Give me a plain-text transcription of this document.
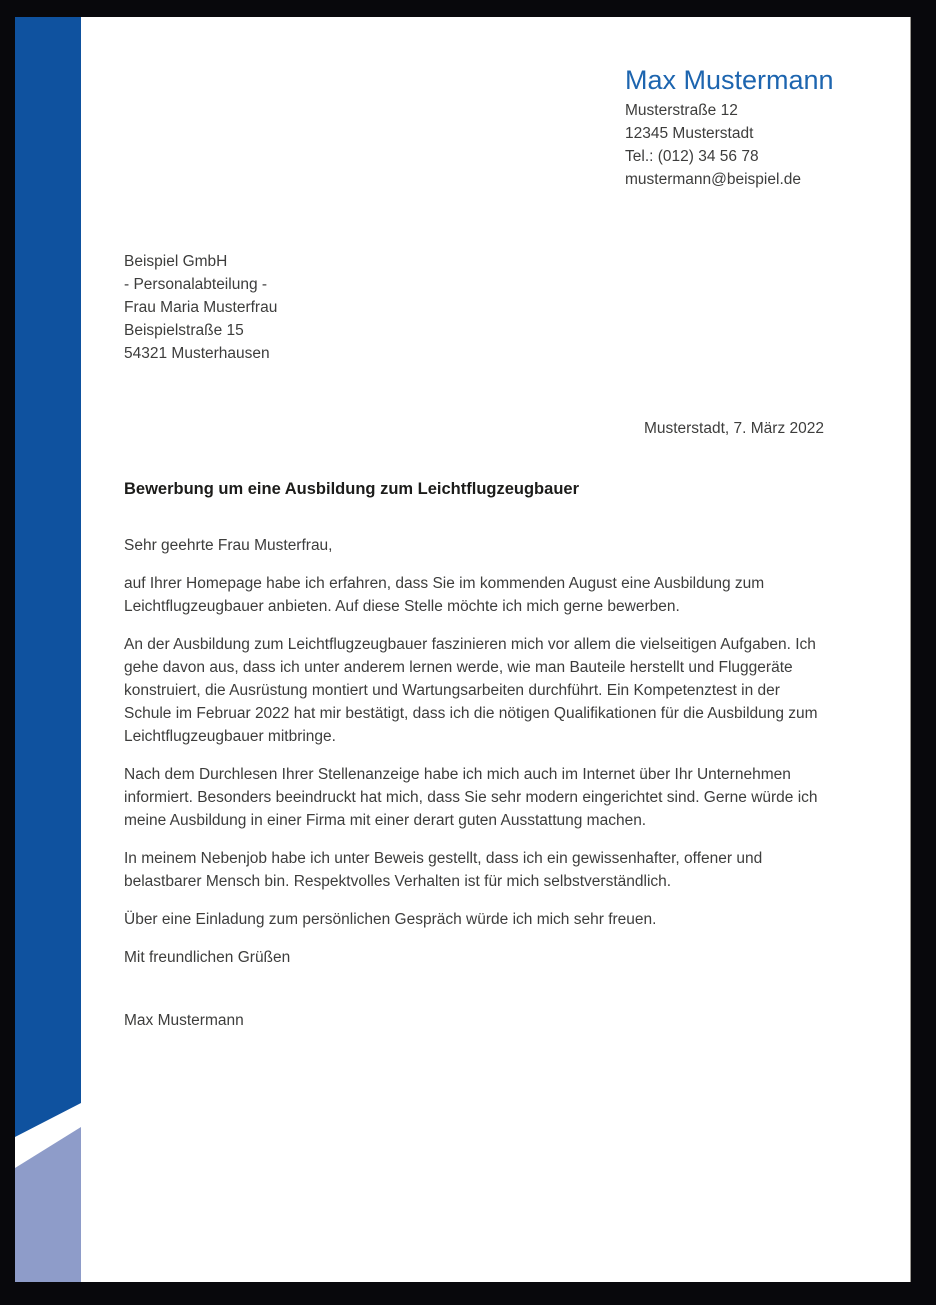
Max Mustermann
Musterstraße 12
12345 Musterstadt
Tel.: (012) 34 56 78
mustermann@beispiel.de
Beispiel GmbH
- Personalabteilung -
Frau Maria Musterfrau
Beispielstraße 15
54321 Musterhausen
Musterstadt, 7. März 2022
Bewerbung um eine Ausbildung zum Leichtflugzeugbauer

Sehr geehrte Frau Musterfrau,

auf Ihrer Homepage habe ich erfahren, dass Sie im kommenden August eine Ausbildung zum Leichtflugzeugbauer anbieten. Auf diese Stelle möchte ich mich gerne bewerben.

An der Ausbildung zum Leichtflugzeugbauer faszinieren mich vor allem die vielseitigen Aufgaben. Ich gehe davon aus, dass ich unter anderem lernen werde, wie man Bauteile herstellt und Fluggeräte konstruiert, die Ausrüstung montiert und Wartungsarbeiten durchführt. Ein Kompetenztest in der Schule im Februar 2022 hat mir bestätigt, dass ich die nötigen Qualifikationen für die Ausbildung zum Leichtflugzeugbauer mitbringe.

Nach dem Durchlesen Ihrer Stellenanzeige habe ich mich auch im Internet über Ihr Unternehmen informiert. Besonders beeindruckt hat mich, dass Sie sehr modern eingerichtet sind. Gerne würde ich meine Ausbildung in einer Firma mit einer derart guten Ausstattung machen.

In meinem Nebenjob habe ich unter Beweis gestellt, dass ich ein gewissenhafter, offener und belastbarer Mensch bin. Respektvolles Verhalten ist für mich selbstverständlich.

Über eine Einladung zum persönlichen Gespräch würde ich mich sehr freuen.

Mit freundlichen Grüßen

Max Mustermann
